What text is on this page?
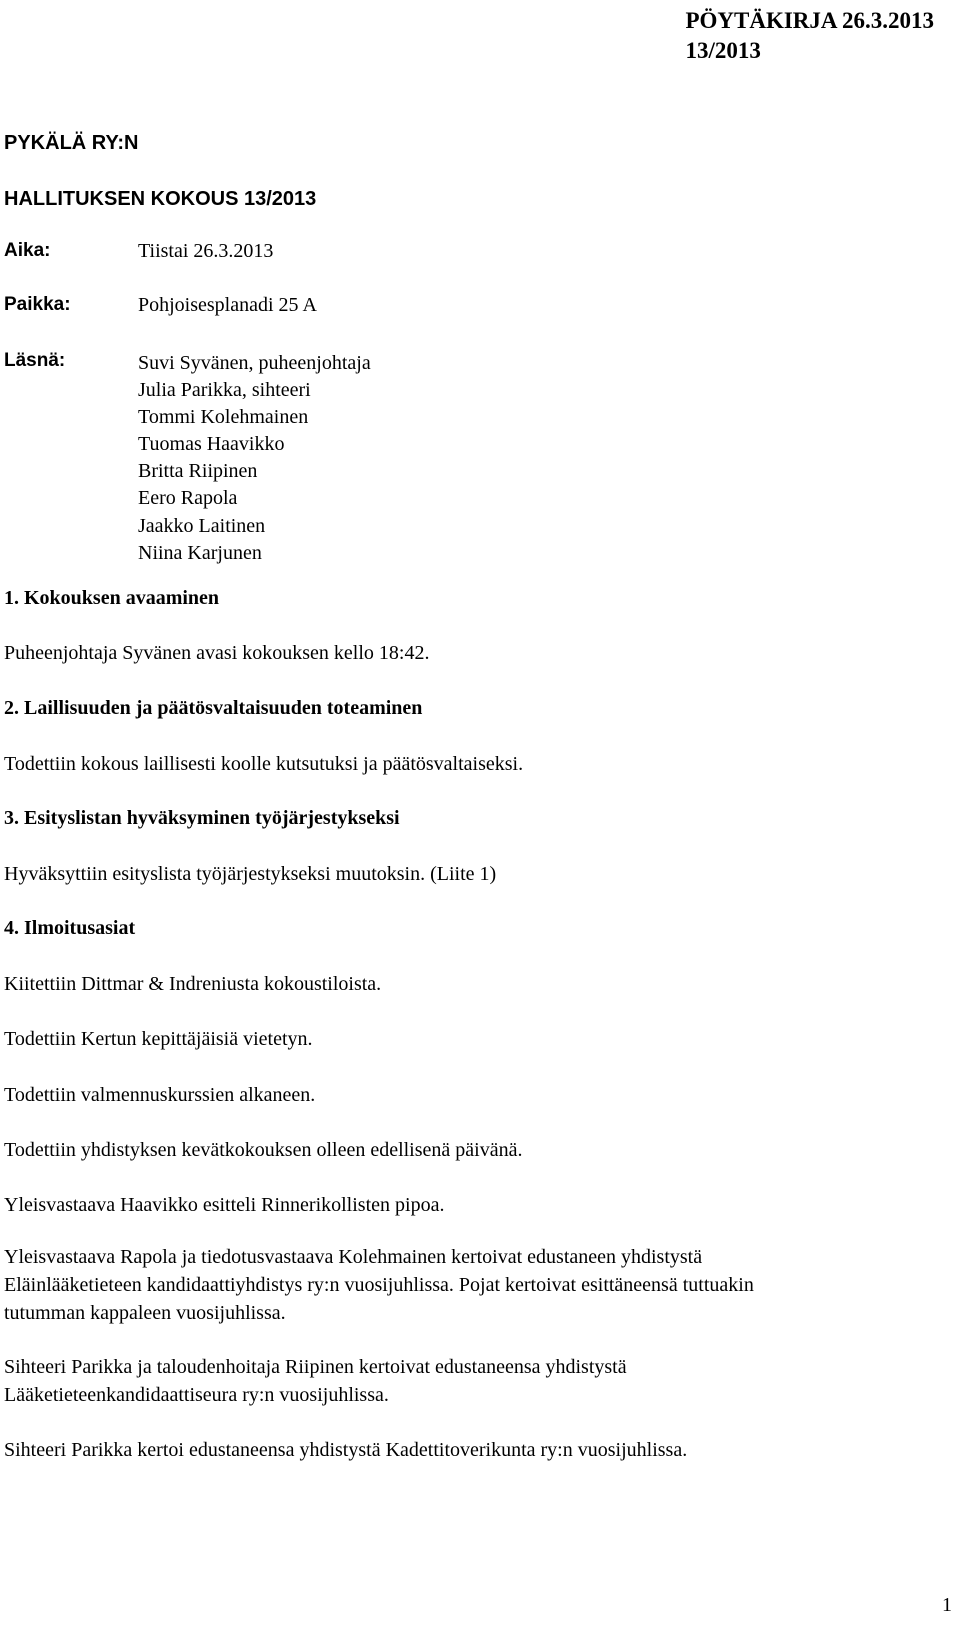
PÖYTÄKIRJA 26.3.2013
13/2013
PYKÄLÄ RY:N
HALLITUKSEN KOKOUS 13/2013
Aika:	Tiistai 26.3.2013
Paikka:	Pohjoisesplanadi 25 A
Läsnä:	Suvi Syvänen, puheenjohtaja
Julia Parikka, sihteeri
Tommi Kolehmainen
Tuomas Haavikko
Britta Riipinen
Eero Rapola
Jaakko Laitinen
Niina Karjunen
1. Kokouksen avaaminen
Puheenjohtaja Syvänen avasi kokouksen kello 18:42.
2. Laillisuuden ja päätösvaltaisuuden toteaminen
Todettiin kokous laillisesti koolle kutsutuksi ja päätösvaltaiseksi.
3. Esityslistan hyväksyminen työjärjestykseksi
Hyväksyttiin esityslista työjärjestykseksi muutoksin. (Liite 1)
4. Ilmoitusasiat
Kiitettiin Dittmar & Indreniusta kokoustiloista.
Todettiin Kertun kepittäjäisiä vietetyn.
Todettiin valmennuskurssien alkaneen.
Todettiin yhdistyksen kevätkokouksen olleen edellisenä päivänä.
Yleisvastaava Haavikko esitteli Rinnerikollisten pipoa.
Yleisvastaava Rapola ja tiedotusvastaava Kolehmainen kertoivat edustaneen yhdistystä
Eläinlääketieteen kandidaattiyhdistys ry:n vuosijuhlissa. Pojat kertoivat esittäneensä tuttuakin
tutumman kappaleen vuosijuhlissa.
Sihteeri Parikka ja taloudenhoitaja Riipinen kertoivat edustaneensa yhdistystä
Lääketieteenkandidaattiseura ry:n vuosijuhlissa.
Sihteeri Parikka kertoi edustaneensa yhdistystä Kadettitoverikunta ry:n vuosijuhlissa.
1
